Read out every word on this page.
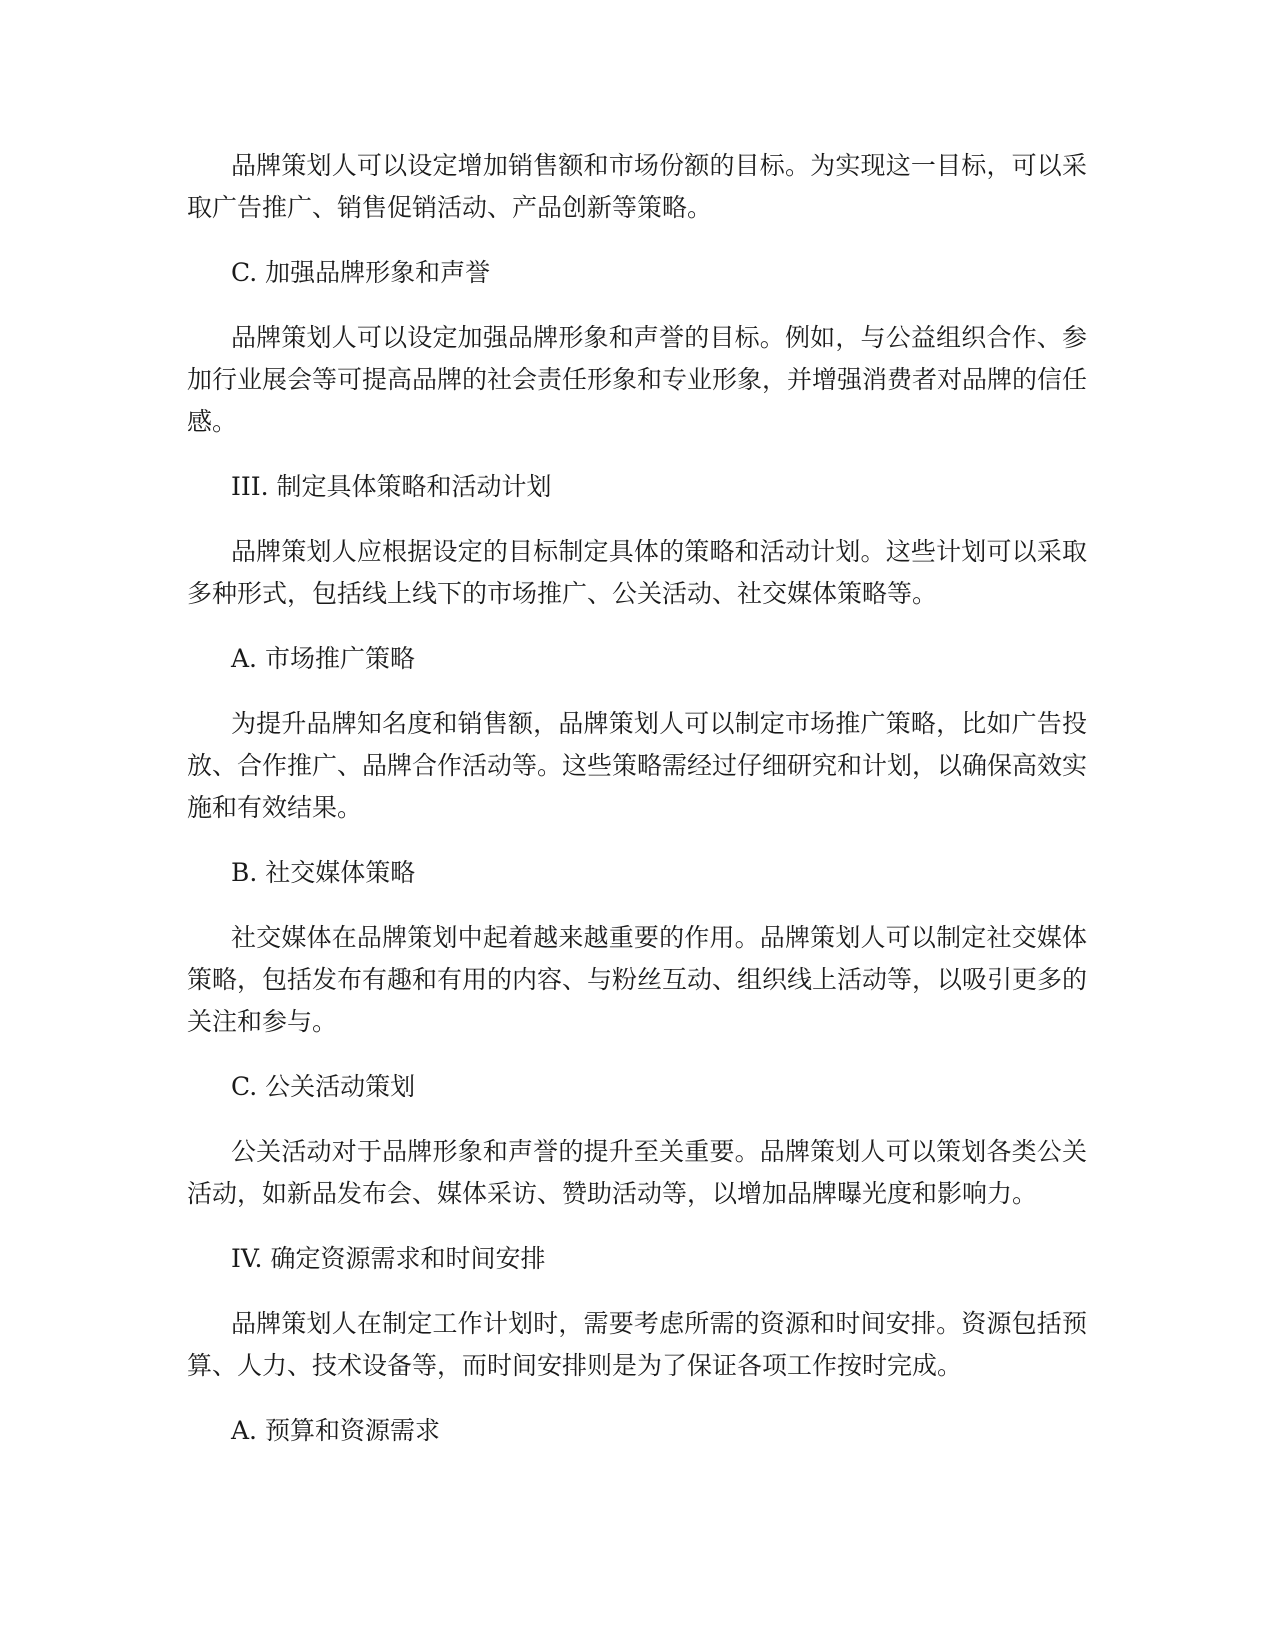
品牌策划人可以设定增加销售额和市场份额的目标。为实现这一目标，可以采取广告推广、销售促销活动、产品创新等策略。

C. 加强品牌形象和声誉

品牌策划人可以设定加强品牌形象和声誉的目标。例如，与公益组织合作、参加行业展会等可提高品牌的社会责任形象和专业形象，并增强消费者对品牌的信任感。

III. 制定具体策略和活动计划

品牌策划人应根据设定的目标制定具体的策略和活动计划。这些计划可以采取多种形式，包括线上线下的市场推广、公关活动、社交媒体策略等。

A. 市场推广策略

为提升品牌知名度和销售额，品牌策划人可以制定市场推广策略，比如广告投放、合作推广、品牌合作活动等。这些策略需经过仔细研究和计划，以确保高效实施和有效结果。

B. 社交媒体策略

社交媒体在品牌策划中起着越来越重要的作用。品牌策划人可以制定社交媒体策略，包括发布有趣和有用的内容、与粉丝互动、组织线上活动等，以吸引更多的关注和参与。

C. 公关活动策划

公关活动对于品牌形象和声誉的提升至关重要。品牌策划人可以策划各类公关活动，如新品发布会、媒体采访、赞助活动等，以增加品牌曝光度和影响力。

IV. 确定资源需求和时间安排

品牌策划人在制定工作计划时，需要考虑所需的资源和时间安排。资源包括预算、人力、技术设备等，而时间安排则是为了保证各项工作按时完成。

A. 预算和资源需求
